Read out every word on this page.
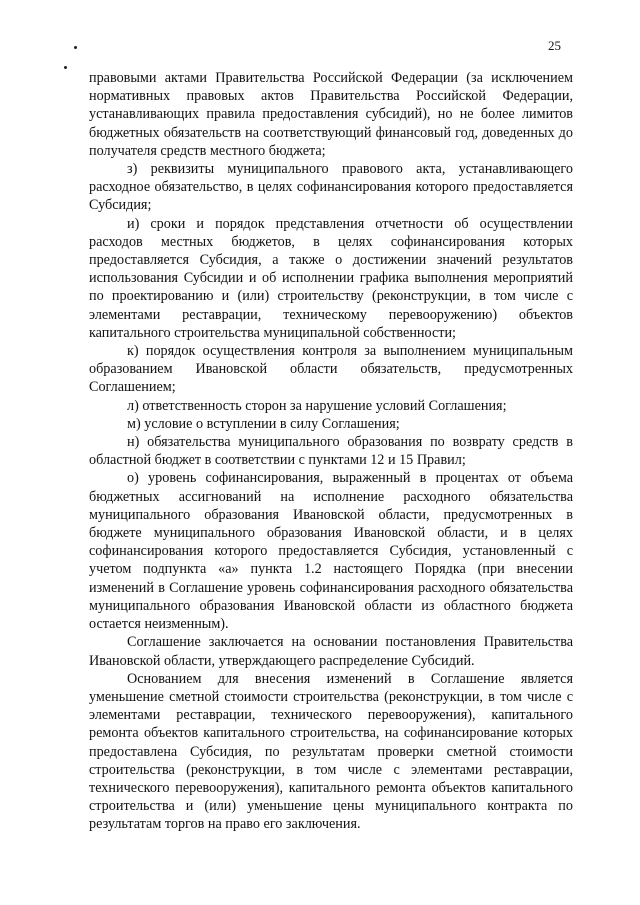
25

правовыми актами Правительства Российской Федерации (за исключением нормативных правовых актов Правительства Российской Федерации, устанавливающих правила предоставления субсидий), но не более лимитов бюджетных обязательств на соответствующий финансовый год, доведенных до получателя средств местного бюджета;

з) реквизиты муниципального правового акта, устанавливающего расходное обязательство, в целях софинансирования которого предоставляется Субсидия;

и) сроки и порядок представления отчетности об осуществлении расходов местных бюджетов, в целях софинансирования которых предоставляется Субсидия, а также о достижении значений результатов использования Субсидии и об исполнении графика выполнения мероприятий по проектированию и (или) строительству (реконструкции, в том числе с элементами реставрации, техническому перевооружению) объектов капитального строительства муниципальной собственности;

к) порядок осуществления контроля за выполнением муниципальным образованием Ивановской области обязательств, предусмотренных Соглашением;

л) ответственность сторон за нарушение условий Соглашения;

м) условие о вступлении в силу Соглашения;

н) обязательства муниципального образования по возврату средств в областной бюджет в соответствии с пунктами 12 и 15 Правил;

о) уровень софинансирования, выраженный в процентах от объема бюджетных ассигнований на исполнение расходного обязательства муниципального образования Ивановской области, предусмотренных в бюджете муниципального образования Ивановской области, и в целях софинансирования которого предоставляется Субсидия, установленный с учетом подпункта «а» пункта 1.2 настоящего Порядка (при внесении изменений в Соглашение уровень софинансирования расходного обязательства муниципального образования Ивановской области из областного бюджета остается неизменным).

Соглашение заключается на основании постановления Правительства Ивановской области, утверждающего распределение Субсидий.

Основанием для внесения изменений в Соглашение является уменьшение сметной стоимости строительства (реконструкции, в том числе с элементами реставрации, технического перевооружения), капитального ремонта объектов капитального строительства, на софинансирование которых предоставлена Субсидия, по результатам проверки сметной стоимости строительства (реконструкции, в том числе с элементами реставрации, технического перевооружения), капитального ремонта объектов капитального строительства и (или) уменьшение цены муниципального контракта по результатам торгов на право его заключения.
